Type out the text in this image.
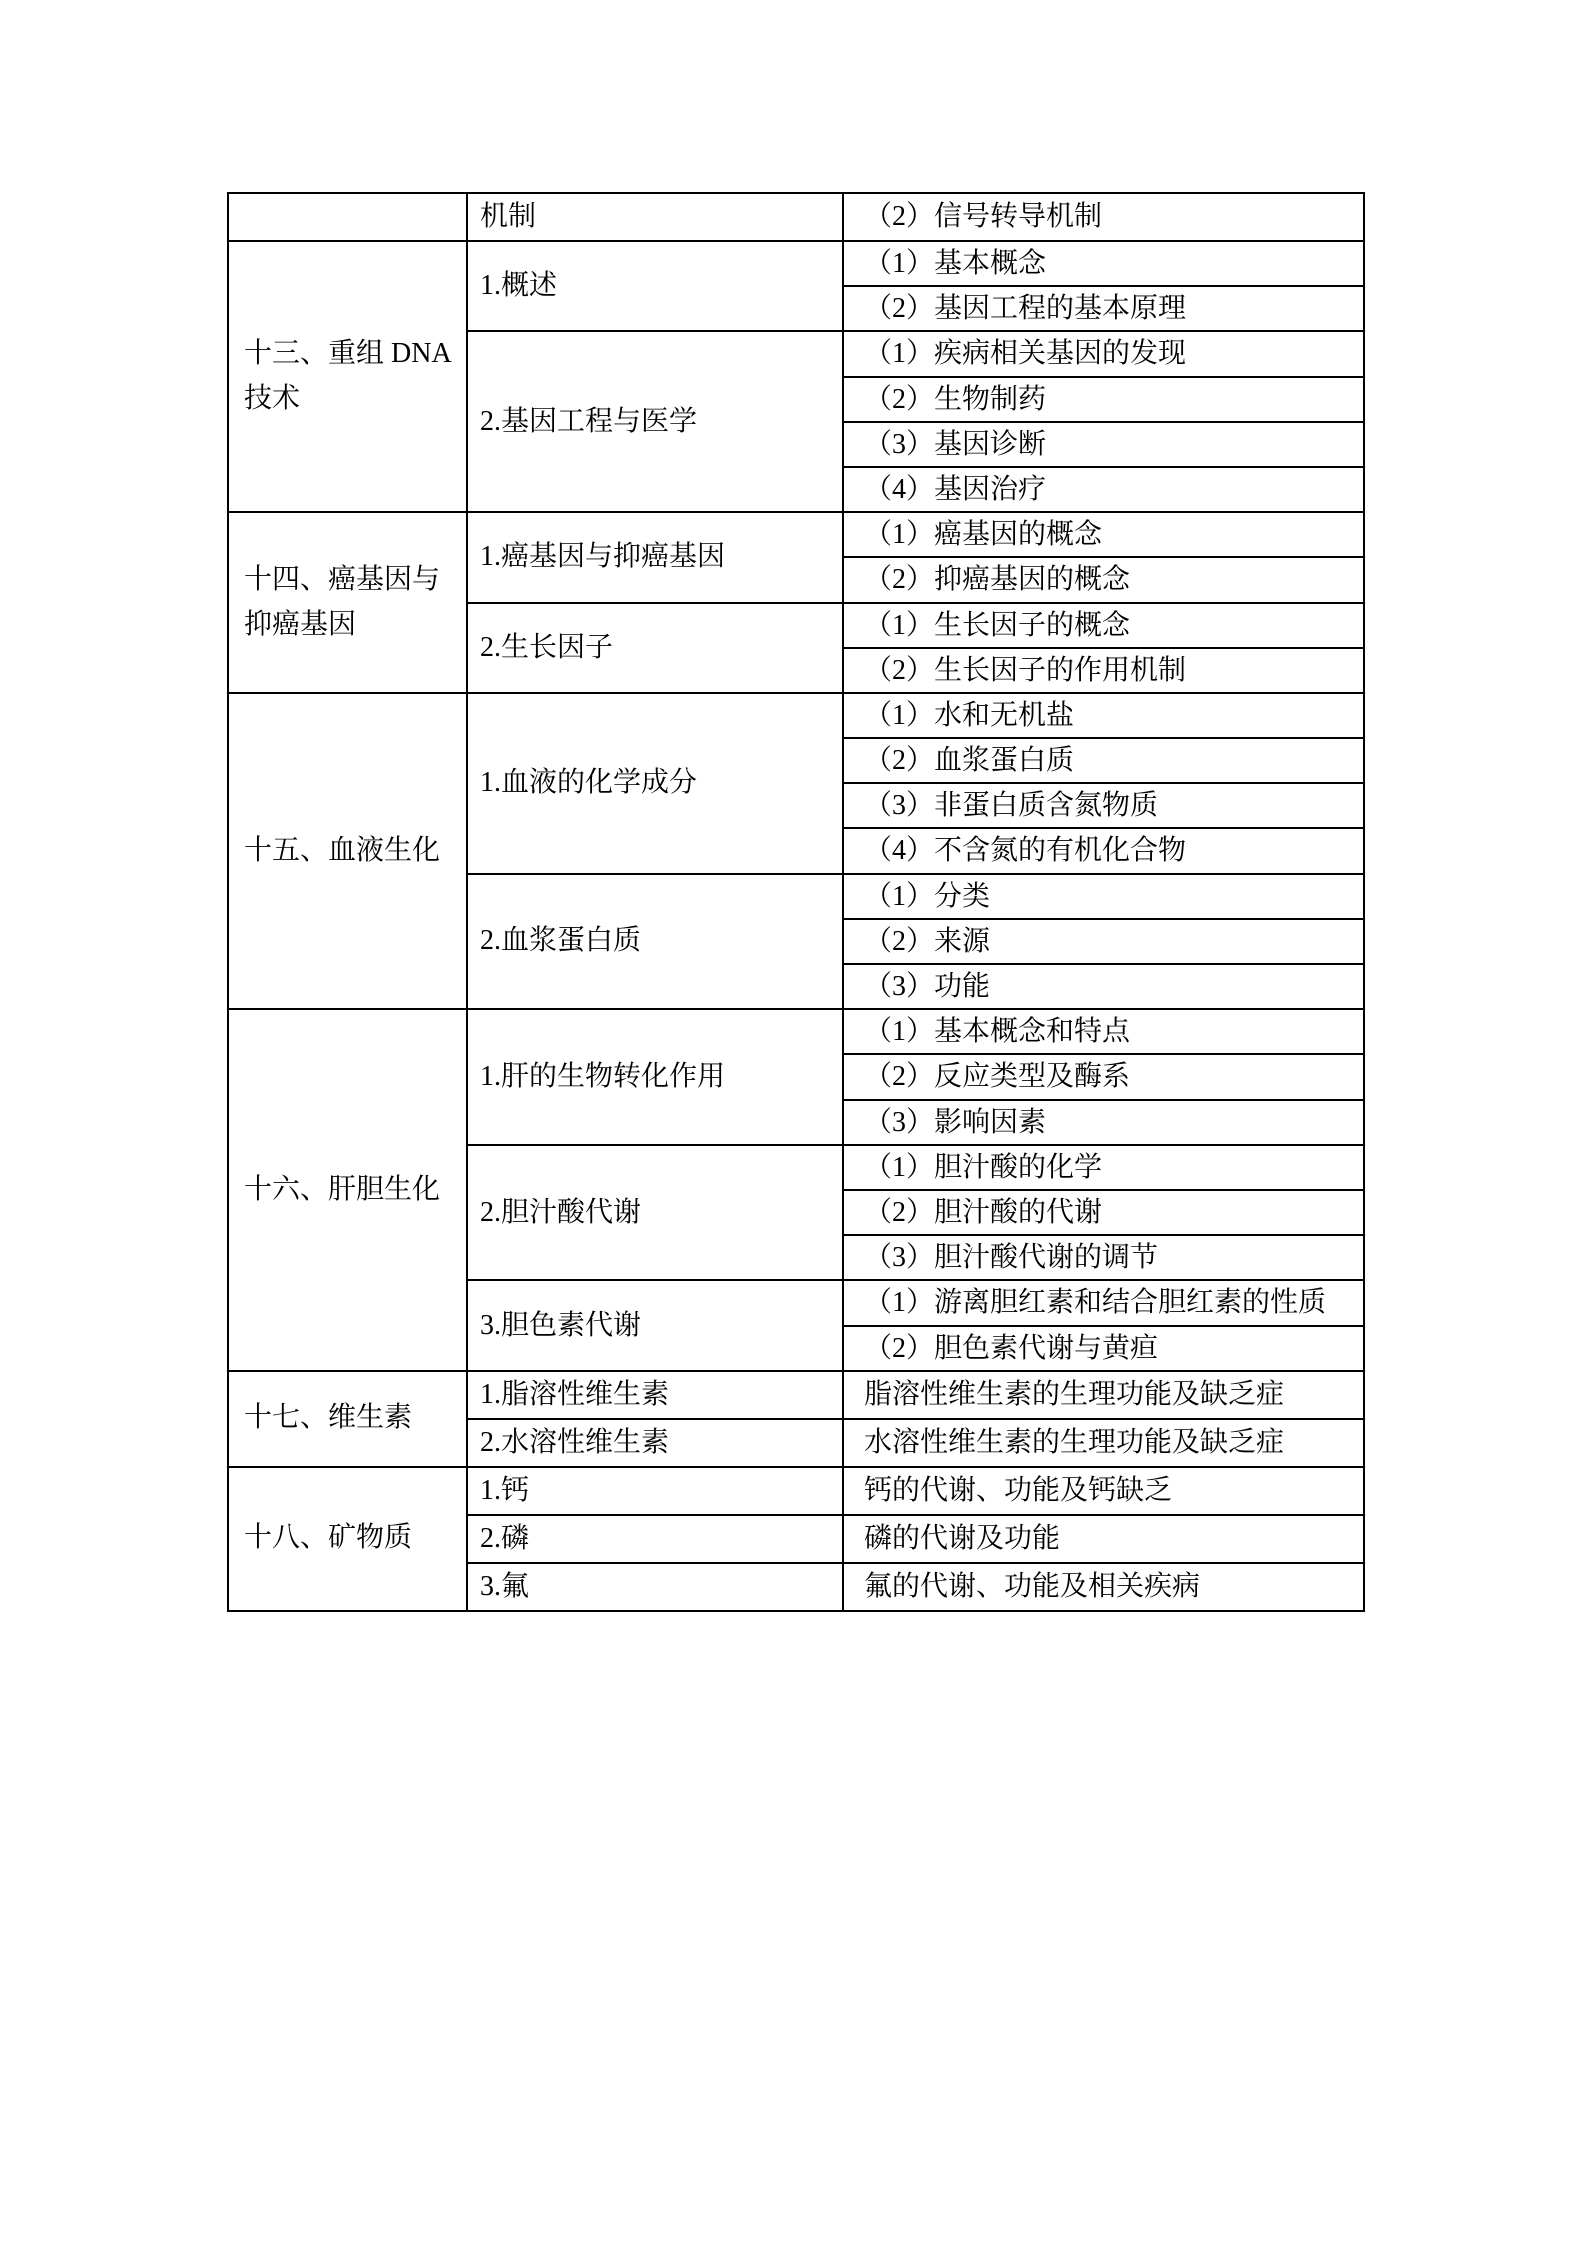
	机制	（2）信号转导机制
十三、重组 DNA 技术	1.概述	（1）基本概念
		（2）基因工程的基本原理
	2.基因工程与医学	（1）疾病相关基因的发现
		（2）生物制药
		（3）基因诊断
		（4）基因治疗
十四、癌基因与抑癌基因	1.癌基因与抑癌基因	（1）癌基因的概念
		（2）抑癌基因的概念
	2.生长因子	（1）生长因子的概念
		（2）生长因子的作用机制
十五、血液生化	1.血液的化学成分	（1）水和无机盐
		（2）血浆蛋白质
		（3）非蛋白质含氮物质
		（4）不含氮的有机化合物
	2.血浆蛋白质	（1）分类
		（2）来源
		（3）功能
十六、肝胆生化	1.肝的生物转化作用	（1）基本概念和特点
		（2）反应类型及酶系
		（3）影响因素
	2.胆汁酸代谢	（1）胆汁酸的化学
		（2）胆汁酸的代谢
		（3）胆汁酸代谢的调节
	3.胆色素代谢	（1）游离胆红素和结合胆红素的性质
		（2）胆色素代谢与黄疸
十七、维生素	1.脂溶性维生素	脂溶性维生素的生理功能及缺乏症
	2.水溶性维生素	水溶性维生素的生理功能及缺乏症
十八、矿物质	1.钙	钙的代谢、功能及钙缺乏
	2.磷	磷的代谢及功能
	3.氟	氟的代谢、功能及相关疾病
